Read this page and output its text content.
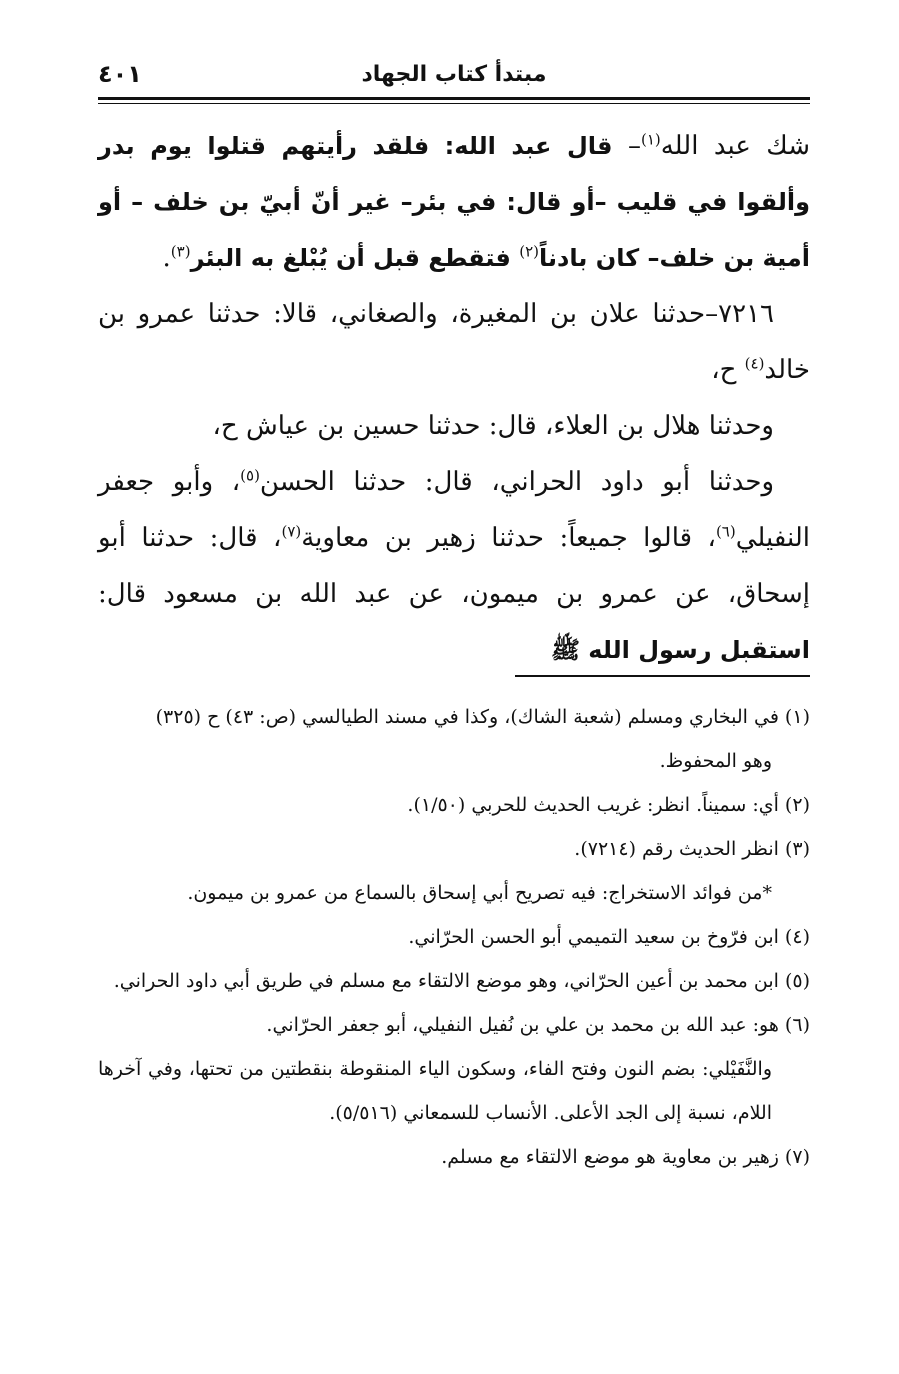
مبتدأ كتاب الجهاد
٤٠١

شك عبد الله$^{(١)}$– قال عبد الله: فلقد رأيتهم قتلوا يوم بدر وألقوا في قليب –أو قال: في بئر– غير أنّ أبيّ بن خلف – أو أمية بن خلف– كان بادناً$^{(٢)}$ فتقطع قبل أن يُبْلغ به البئر$^{(٣)}$.

٧٢١٦–حدثنا علان بن المغيرة، والصغاني، قالا: حدثنا عمرو بن خالد$^{(٤)}$ ح،

وحدثنا هلال بن العلاء، قال: حدثنا حسين بن عياش ح،

وحدثنا أبو داود الحراني، قال: حدثنا الحسن$^{(٥)}$، وأبو جعفر النفيلي$^{(٦)}$، قالوا جميعاً: حدثنا زهير بن معاوية$^{(٧)}$، قال: حدثنا أبو إسحاق، عن عمرو بن ميمون، عن عبد الله بن مسعود قال: استقبل رسول الله ﷺ

(١) في البخاري ومسلم (شعبة الشاك)، وكذا في مسند الطيالسي (ص: ٤٣) ح (٣٢٥)

وهو المحفوظ.

(٢) أي: سميناً. انظر: غريب الحديث للحربي (١/٥٠).

(٣) انظر الحديث رقم (٧٢١٤).

*من فوائد الاستخراج: فيه تصريح أبي إسحاق بالسماع من عمرو بن ميمون.

(٤) ابن فرّوخ بن سعيد التميمي أبو الحسن الحرّاني.

(٥) ابن محمد بن أعين الحرّاني، وهو موضع الالتقاء مع مسلم في طريق أبي داود الحراني.

(٦) هو: عبد الله بن محمد بن علي بن نُفيل النفيلي، أبو جعفر الحرّاني.

والنَّفَيْلي: بضم النون وفتح الفاء، وسكون الياء المنقوطة بنقطتين من تحتها، وفي آخرها اللام، نسبة إلى الجد الأعلى. الأنساب للسمعاني (٥/٥١٦).

(٧) زهير بن معاوية هو موضع الالتقاء مع مسلم.
